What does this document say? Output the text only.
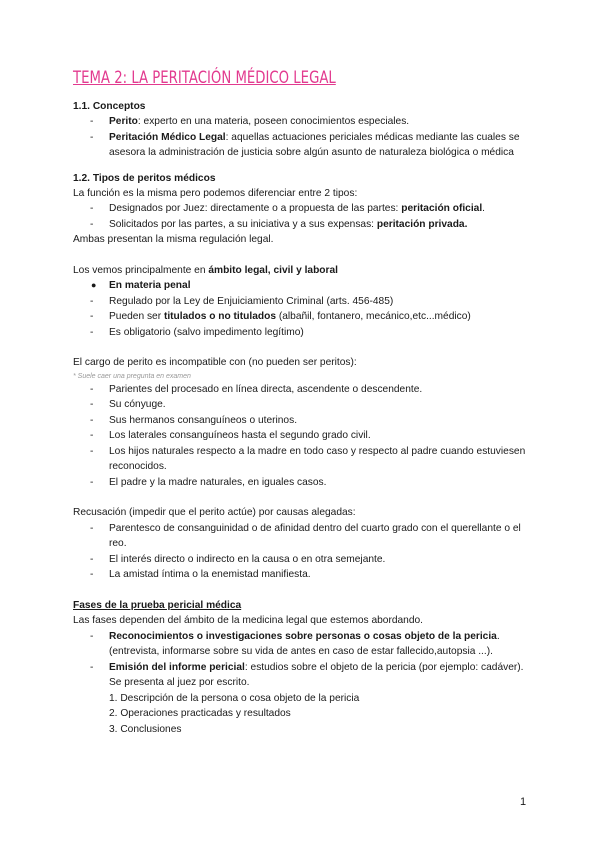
TEMA 2: LA PERITACIÓN MÉDICO LEGAL
1.1. Conceptos
- Perito: experto en una materia, poseen conocimientos especiales.
- Peritación Médico Legal: aquellas actuaciones periciales médicas mediante las cuales se asesora la administración de justicia sobre algún asunto de naturaleza biológica o médica
1.2. Tipos de peritos médicos
La función es la misma pero podemos diferenciar entre 2 tipos:
- Designados por Juez: directamente o a propuesta de las partes: peritación oficial.
- Solicitados por las partes, a su iniciativa y a sus expensas: peritación privada.
Ambas presentan la misma regulación legal.
Los vemos principalmente en ámbito legal, civil y laboral
● En materia penal
- Regulado por la Ley de Enjuiciamiento Criminal (arts. 456-485)
- Pueden ser titulados o no titulados (albañil, fontanero, mecánico,etc...médico)
- Es obligatorio (salvo impedimento legítimo)
El cargo de perito es incompatible con (no pueden ser peritos):
* Suele caer una pregunta en examen
- Parientes del procesado en línea directa, ascendente o descendente.
- Su cónyuge.
- Sus hermanos consanguíneos o uterinos.
- Los laterales consanguíneos hasta el segundo grado civil.
- Los hijos naturales respecto a la madre en todo caso y respecto al padre cuando estuviesen reconocidos.
- El padre y la madre naturales, en iguales casos.
Recusación (impedir que el perito actúe) por causas alegadas:
- Parentesco de consanguinidad o de afinidad dentro del cuarto grado con el querellante o el reo.
- El interés directo o indirecto en la causa o en otra semejante.
- La amistad íntima o la enemistad manifiesta.
Fases de la prueba pericial médica
Las fases dependen del ámbito de la medicina legal que estemos abordando.
- Reconocimientos o investigaciones sobre personas o cosas objeto de la pericia. (entrevista, informarse sobre su vida de antes en caso de estar fallecido,autopsia ...).
- Emisión del informe pericial: estudios sobre el objeto de la pericia (por ejemplo: cadáver).
Se presenta al juez por escrito.
1. Descripción de la persona o cosa objeto de la pericia
2. Operaciones practicadas y resultados
3. Conclusiones
1
